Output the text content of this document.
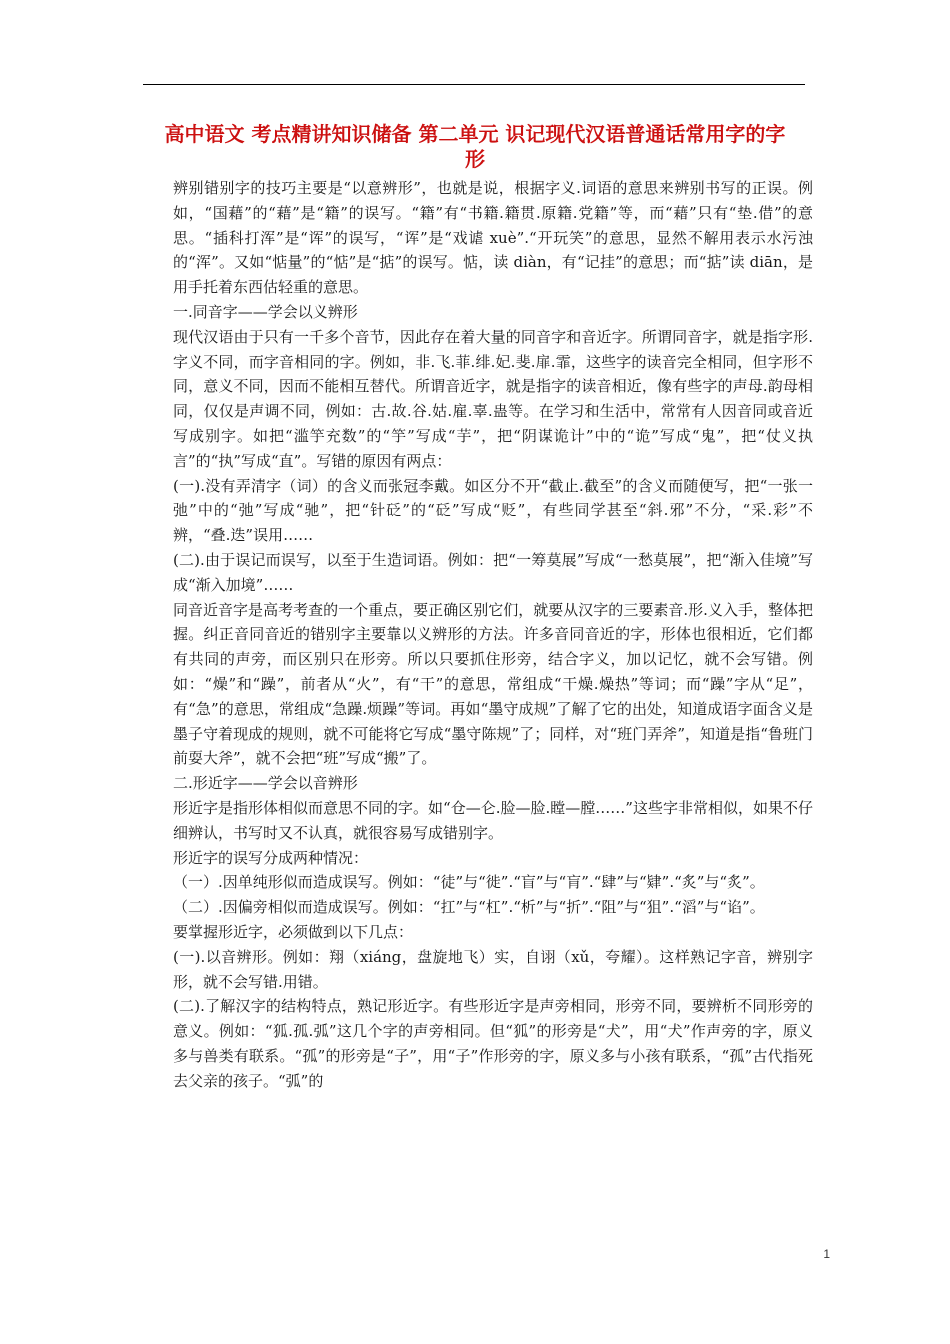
高中语文 考点精讲知识储备 第二单元 识记现代汉语普通话常用字的字形

辨别错别字的技巧主要是“以意辨形”，也就是说，根据字义.词语的意思来辨别书写的正误。例如，“国藉”的“藉”是“籍”的误写。“籍”有“书籍.籍贯.原籍.党籍”等，而“藉”只有“垫.借”的意思。“插科打浑”是“诨”的误写，“诨”是“戏谑 xuè”.“开玩笑”的意思，显然不解用表示水污浊的“浑”。又如“惦量”的“惦”是“掂”的误写。惦，读 diàn，有“记挂”的意思；而“掂”读 diān，是用手托着东西估轻重的意思。

一.同音字——学会以义辨形

现代汉语由于只有一千多个音节，因此存在着大量的同音字和音近字。所谓同音字，就是指字形.字义不同，而字音相同的字。例如，非.飞.菲.绯.妃.斐.扉.霏，这些字的读音完全相同，但字形不同，意义不同，因而不能相互替代。所谓音近字，就是指字的读音相近，像有些字的声母.韵母相同，仅仅是声调不同，例如：古.故.谷.姑.雇.辜.蛊等。在学习和生活中，常常有人因音同或音近写成别字。如把“滥竽充数”的“竽”写成“芋”，把“阴谋诡计”中的“诡”写成“鬼”，把“仗义执言”的“执”写成“直”。写错的原因有两点：

(一).没有弄清字（词）的含义而张冠李戴。如区分不开“截止.截至”的含义而随便写，把“一张一弛”中的“弛”写成“驰”，把“针砭”的“砭”写成“贬”，有些同学甚至“斜.邪”不分，“采.彩”不辨，“叠.迭”误用……

(二).由于误记而误写，以至于生造词语。例如：把“一筹莫展”写成“一愁莫展”，把“渐入佳境”写成“渐入加境”……

同音近音字是高考考查的一个重点，要正确区别它们，就要从汉字的三要素音.形.义入手，整体把握。纠正音同音近的错别字主要靠以义辨形的方法。许多音同音近的字，形体也很相近，它们都有共同的声旁，而区别只在形旁。所以只要抓住形旁，结合字义，加以记忆，就不会写错。例如：“燥”和“躁”，前者从“火”，有“干”的意思，常组成“干燥.燥热”等词；而“躁”字从“足”，有“急”的意思，常组成“急躁.烦躁”等词。再如“墨守成规”了解了它的出处，知道成语字面含义是墨子守着现成的规则，就不可能将它写成“墨守陈规”了；同样，对“班门弄斧”，知道是指“鲁班门前耍大斧”，就不会把“班”写成“搬”了。

二.形近字——学会以音辨形

形近字是指形体相似而意思不同的字。如“仓—仑.脸—脸.瞠—膛……”这些字非常相似，如果不仔细辨认，书写时又不认真，就很容易写成错别字。

形近字的误写分成两种情况：

（一）.因单纯形似而造成误写。例如：“徒”与“徙”.“盲”与“肓”.“肆”与“肄”.“炙”与“炙”。

（二）.因偏旁相似而造成误写。例如：“扛”与“杠”.“析”与“折”.“阻”与“狙”.“滔”与“谄”。

要掌握形近字，必须做到以下几点：

(一).以音辨形。例如：翔（xiáng，盘旋地飞）实，自诩（xǔ，夸耀）。这样熟记字音，辨别字形，就不会写错.用错。

(二).了解汉字的结构特点，熟记形近字。有些形近字是声旁相同，形旁不同，要辨析不同形旁的意义。例如：“狐.孤.弧”这几个字的声旁相同。但“狐”的形旁是“犬”，用“犬”作声旁的字，原义多与兽类有联系。“孤”的形旁是“子”，用“子”作形旁的字，原义多与小孩有联系，“孤”古代指死去父亲的孩子。“弧”的

1
